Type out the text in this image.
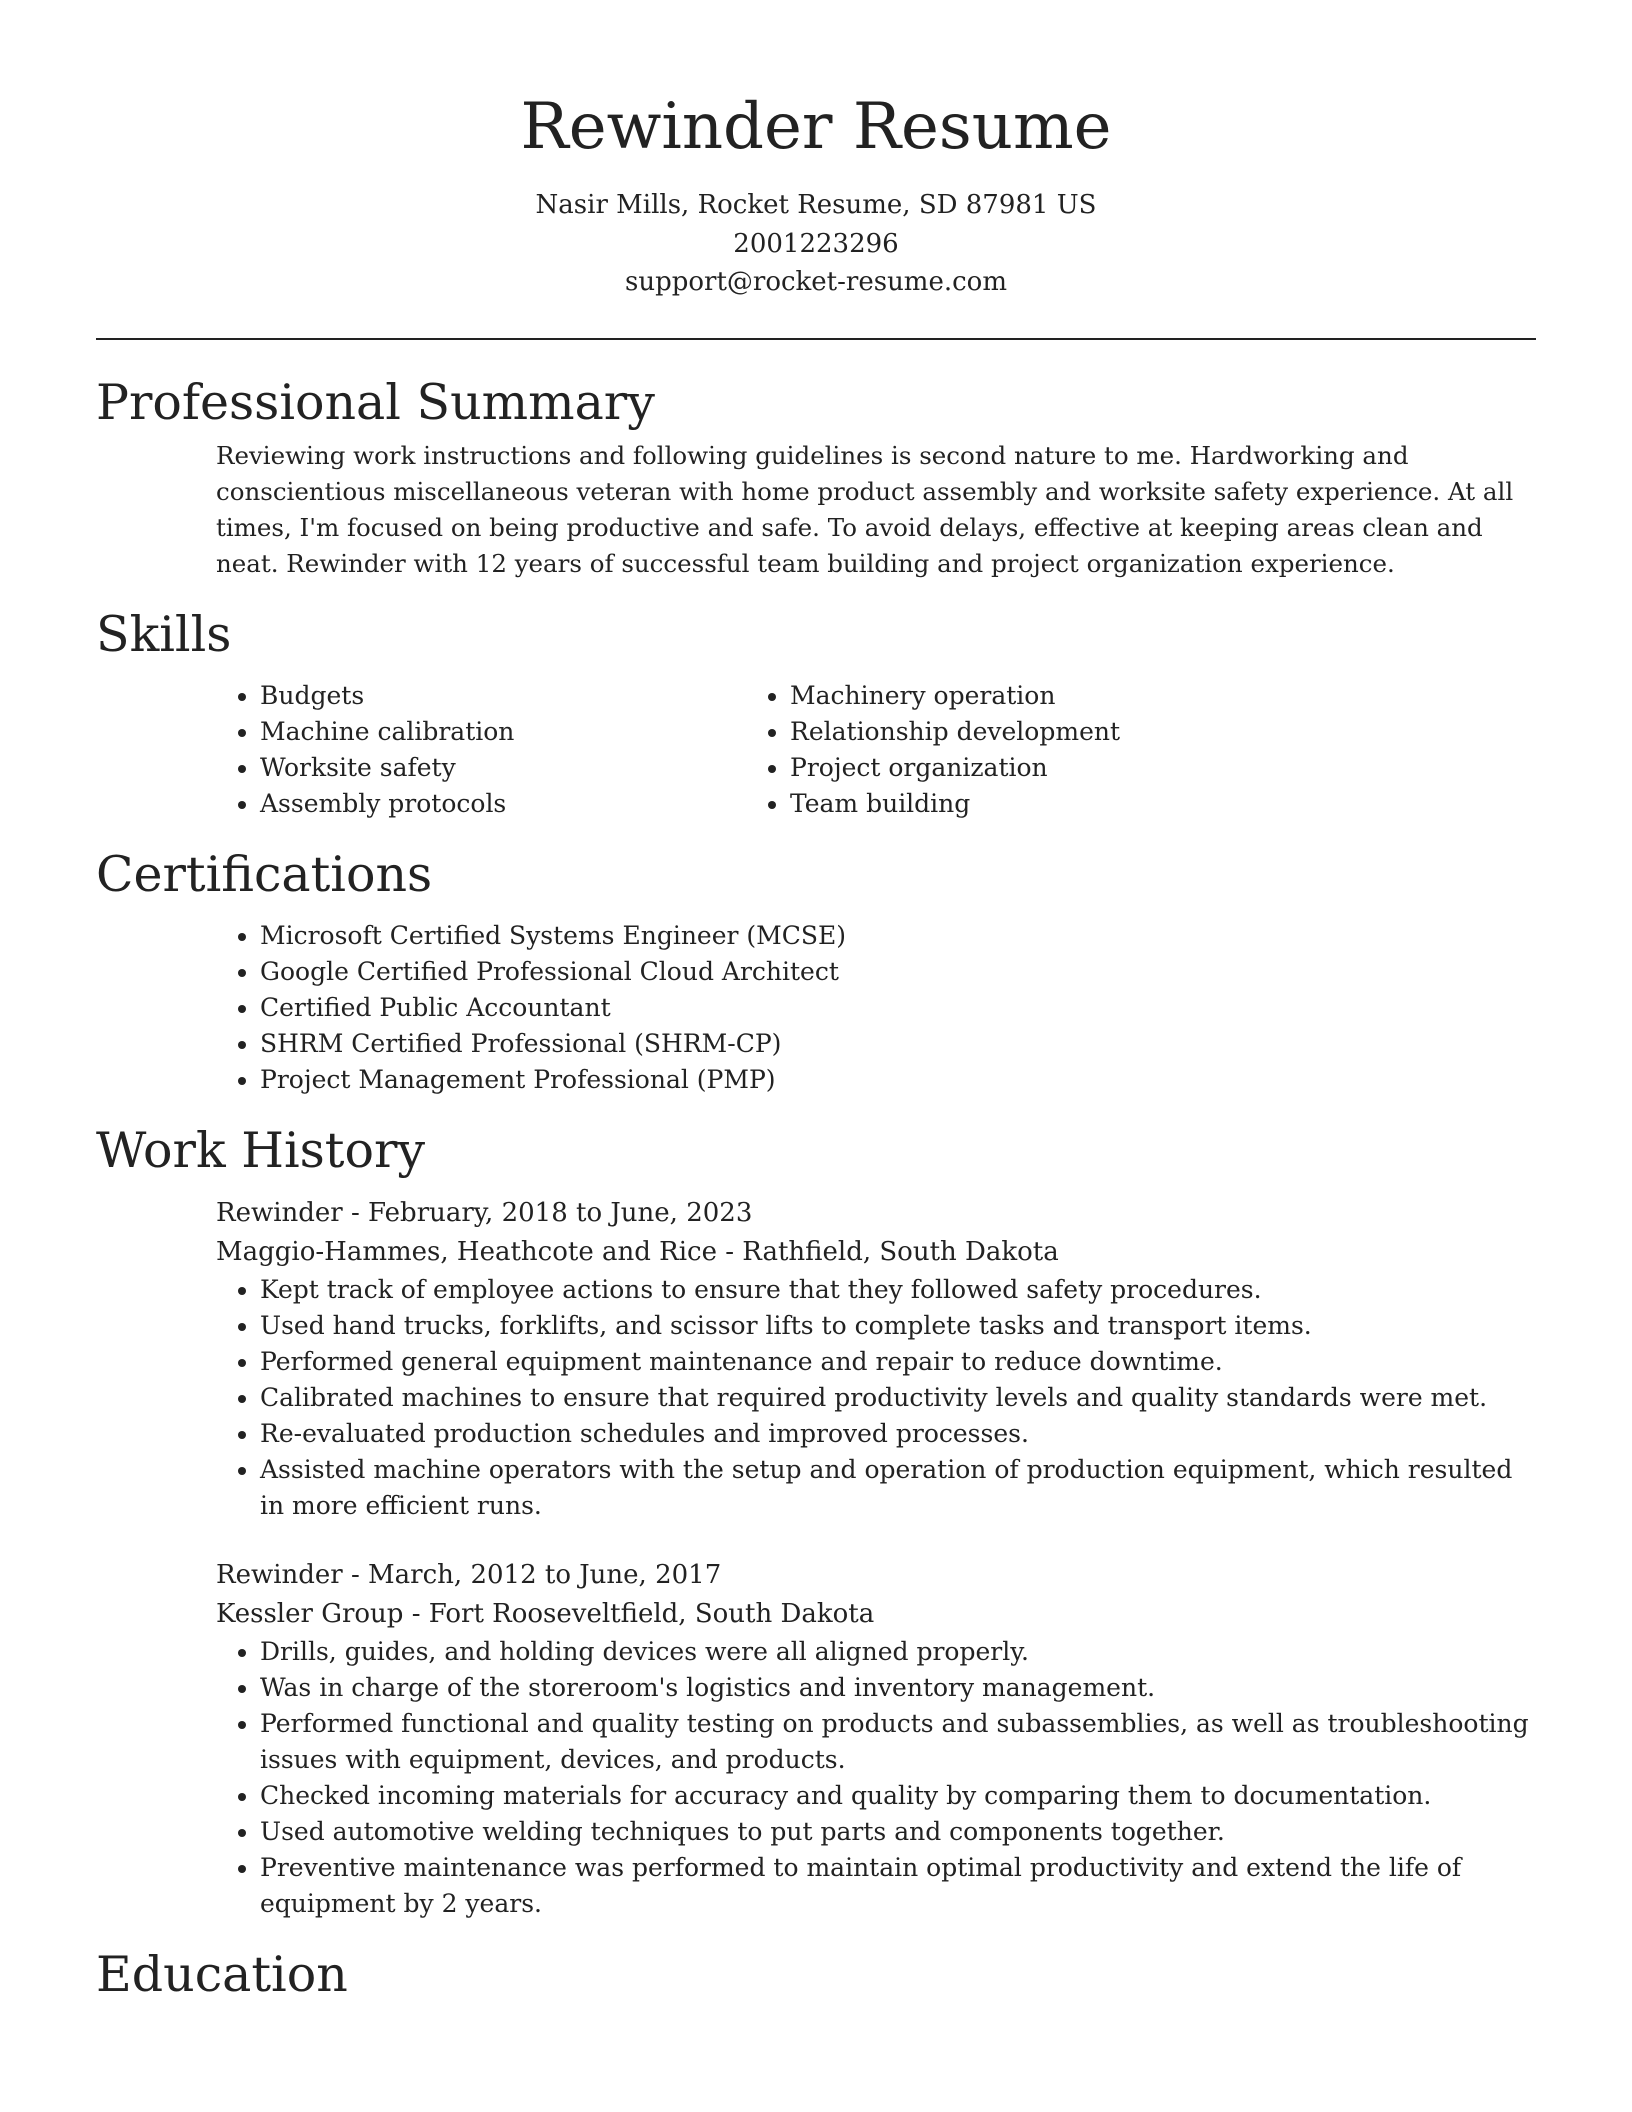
Rewinder Resume
Nasir Mills, Rocket Resume, SD 87981 US
2001223296
support@rocket-resume.com
Professional Summary

Reviewing work instructions and following guidelines is second nature to me. Hardworking and conscientious miscellaneous veteran with home product assembly and worksite safety experience. At all times, I'm focused on being productive and safe. To avoid delays, effective at keeping areas clean and neat. Rewinder with 12 years of successful team building and project organization experience.

Skills
• Budgets
• Machine calibration
• Worksite safety
• Assembly protocols
• Machinery operation
• Relationship development
• Project organization
• Team building
Certifications
• Microsoft Certified Systems Engineer (MCSE)
• Google Certified Professional Cloud Architect
• Certified Public Accountant
• SHRM Certified Professional (SHRM-CP)
• Project Management Professional (PMP)
Work History
Rewinder - February, 2018 to June, 2023
Maggio-Hammes, Heathcote and Rice - Rathfield, South Dakota
• Kept track of employee actions to ensure that they followed safety procedures.
• Used hand trucks, forklifts, and scissor lifts to complete tasks and transport items.
• Performed general equipment maintenance and repair to reduce downtime.
• Calibrated machines to ensure that required productivity levels and quality standards were met.
• Re-evaluated production schedules and improved processes.
• Assisted machine operators with the setup and operation of production equipment, which resulted in more efficient runs.
Rewinder - March, 2012 to June, 2017
Kessler Group - Fort Rooseveltfield, South Dakota
• Drills, guides, and holding devices were all aligned properly.
• Was in charge of the storeroom's logistics and inventory management.
• Performed functional and quality testing on products and subassemblies, as well as troubleshooting issues with equipment, devices, and products.
• Checked incoming materials for accuracy and quality by comparing them to documentation.
• Used automotive welding techniques to put parts and components together.
• Preventive maintenance was performed to maintain optimal productivity and extend the life of equipment by 2 years.
Education
